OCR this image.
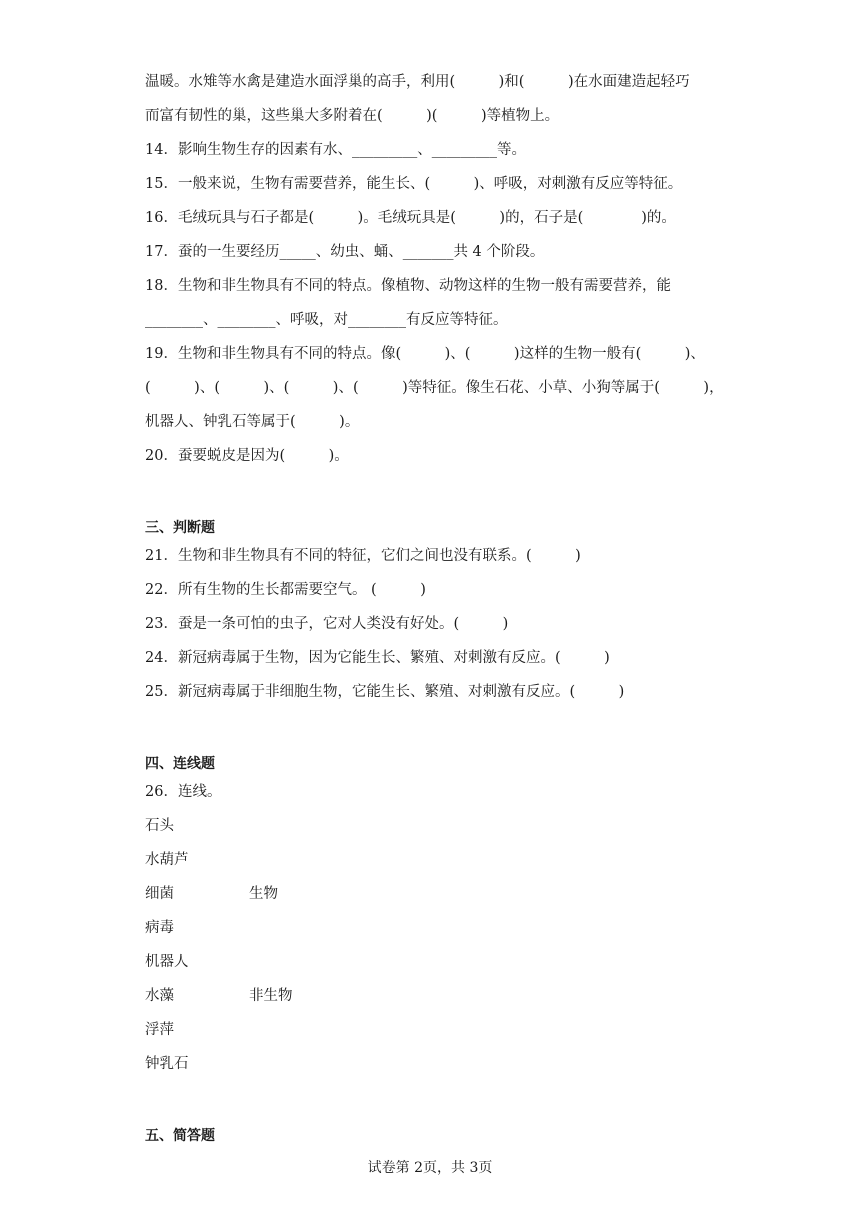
温暖。水雉等水禽是建造水面浮巢的高手，利用(　　　)和(　　　)在水面建造起轻巧
而富有韧性的巢，这些巢大多附着在(　　　)(　　　)等植物上。
14．影响生物生存的因素有水、_________、_________等。
15．一般来说，生物有需要营养，能生长、(　　　)、呼吸，对刺激有反应等特征。
16．毛绒玩具与石子都是(　　　)。毛绒玩具是(　　　)的，石子是(　　　　)的。
17．蚕的一生要经历_____、幼虫、蛹、_______共 4 个阶段。
18．生物和非生物具有不同的特点。像植物、动物这样的生物一般有需要营养，能
________、________、呼吸，对________有反应等特征。
19．生物和非生物具有不同的特点。像(　　　)、(　　　)这样的生物一般有(　　　)、
(　　　)、(　　　)、(　　　)、(　　　)等特征。像生石花、小草、小狗等属于(　　　)，
机器人、钟乳石等属于(　　　)。
20．蚕要蜕皮是因为(　　　)。
三、判断题
21．生物和非生物具有不同的特征，它们之间也没有联系。(　　　)
22．所有生物的生长都需要空气。 (　　　)
23．蚕是一条可怕的虫子，它对人类没有好处。(　　　)
24．新冠病毒属于生物，因为它能生长、繁殖、对刺激有反应。(　　　)
25．新冠病毒属于非细胞生物，它能生长、繁殖、对刺激有反应。(　　　)
四、连线题
26．连线。
石头
水葫芦
细菌
病毒
机器人
水藻
浮萍
钟乳石
生物
非生物
五、简答题
试卷第 2页，共 3页
